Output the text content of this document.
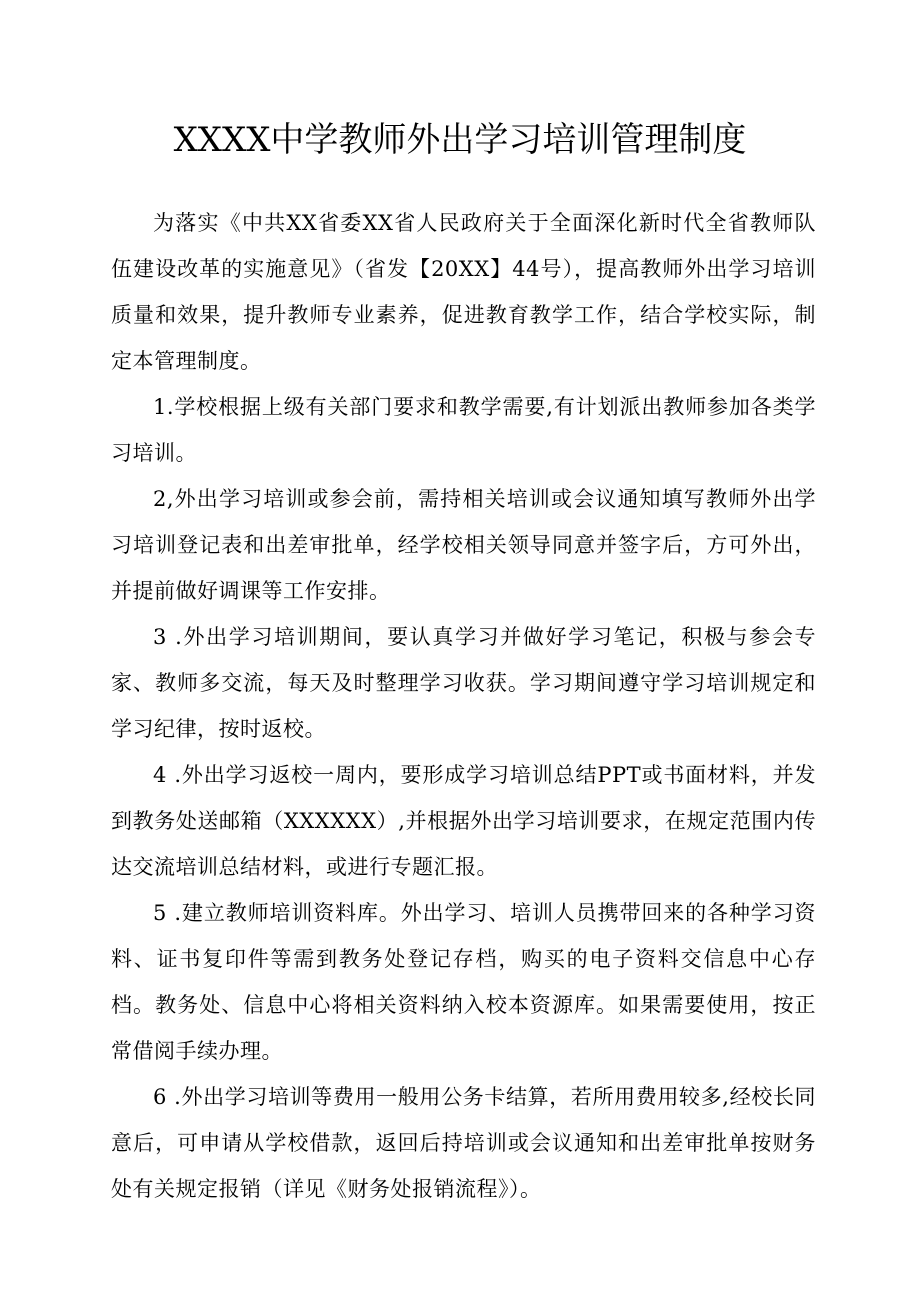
XXXX中学教师外出学习培训管理制度

为落实《中共XX省委XX省人民政府关于全面深化新时代全省教师队伍建设改革的实施意见》（省发【20XX】44号），提高教师外出学习培训质量和效果，提升教师专业素养，促进教育教学工作，结合学校实际，制定本管理制度。

1.学校根据上级有关部门要求和教学需要,有计划派出教师参加各类学习培训。

2,外出学习培训或参会前，需持相关培训或会议通知填写教师外出学习培训登记表和出差审批单，经学校相关领导同意并签字后，方可外出，并提前做好调课等工作安排。

3 .外出学习培训期间，要认真学习并做好学习笔记，积极与参会专家、教师多交流，每天及时整理学习收获。学习期间遵守学习培训规定和学习纪律，按时返校。

4 .外出学习返校一周内，要形成学习培训总结PPT或书面材料，并发到教务处送邮箱（XXXXXX）,并根据外出学习培训要求，在规定范围内传达交流培训总结材料，或进行专题汇报。

5 .建立教师培训资料库。外出学习、培训人员携带回来的各种学习资料、证书复印件等需到教务处登记存档，购买的电子资料交信息中心存档。教务处、信息中心将相关资料纳入校本资源库。如果需要使用，按正常借阅手续办理。

6 .外出学习培训等费用一般用公务卡结算，若所用费用较多,经校长同意后，可申请从学校借款，返回后持培训或会议通知和出差审批单按财务处有关规定报销（详见《财务处报销流程》）。
